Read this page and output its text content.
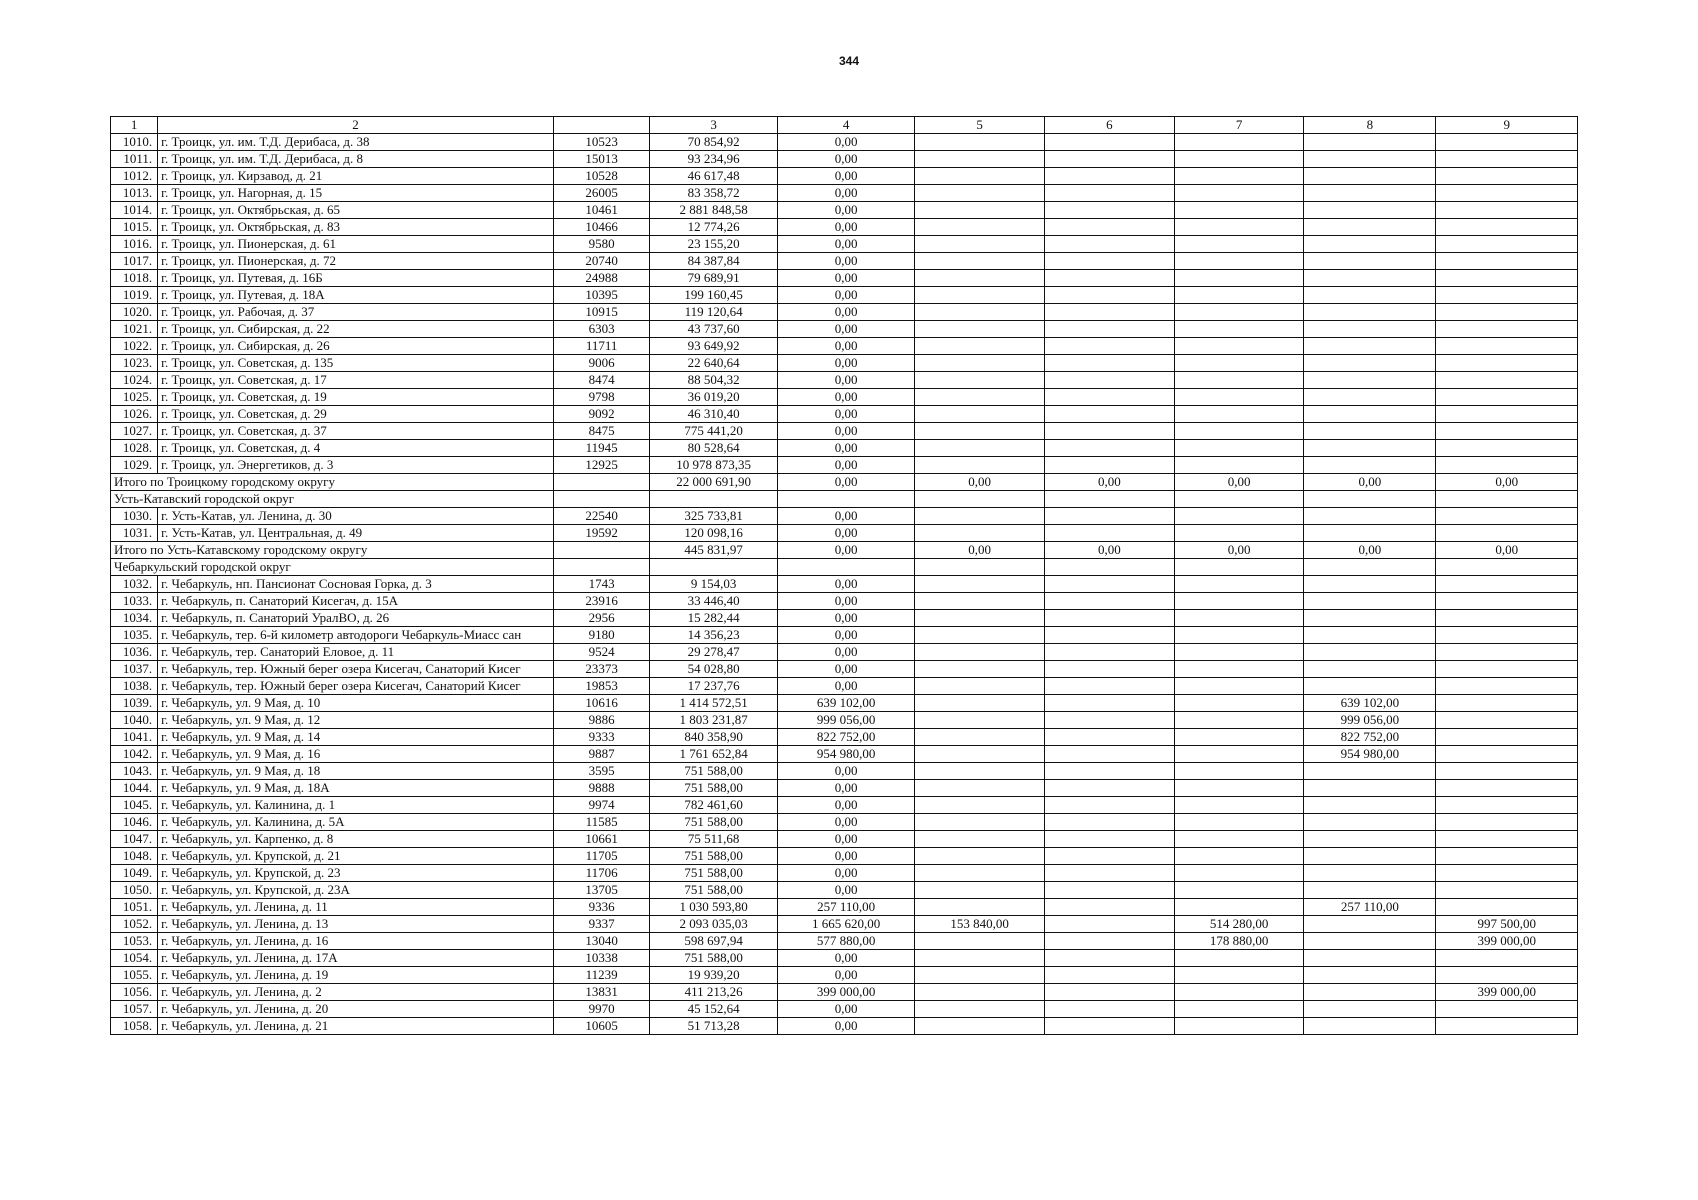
344
1	2		3	4	5	6	7	8	9
1010.	г. Троицк, ул. им. Т.Д. Дерибаса, д. 38	10523	70 854,92	0,00					
1011.	г. Троицк, ул. им. Т.Д. Дерибаса, д. 8	15013	93 234,96	0,00					
1012.	г. Троицк, ул. Кирзавод, д. 21	10528	46 617,48	0,00					
1013.	г. Троицк, ул. Нагорная, д. 15	26005	83 358,72	0,00					
1014.	г. Троицк, ул. Октябрьская, д. 65	10461	2 881 848,58	0,00					
1015.	г. Троицк, ул. Октябрьская, д. 83	10466	12 774,26	0,00					
1016.	г. Троицк, ул. Пионерская, д. 61	9580	23 155,20	0,00					
1017.	г. Троицк, ул. Пионерская, д. 72	20740	84 387,84	0,00					
1018.	г. Троицк, ул. Путевая, д. 16Б	24988	79 689,91	0,00					
1019.	г. Троицк, ул. Путевая, д. 18А	10395	199 160,45	0,00					
1020.	г. Троицк, ул. Рабочая, д. 37	10915	119 120,64	0,00					
1021.	г. Троицк, ул. Сибирская, д. 22	6303	43 737,60	0,00					
1022.	г. Троицк, ул. Сибирская, д. 26	11711	93 649,92	0,00					
1023.	г. Троицк, ул. Советская, д. 135	9006	22 640,64	0,00					
1024.	г. Троицк, ул. Советская, д. 17	8474	88 504,32	0,00					
1025.	г. Троицк, ул. Советская, д. 19	9798	36 019,20	0,00					
1026.	г. Троицк, ул. Советская, д. 29	9092	46 310,40	0,00					
1027.	г. Троицк, ул. Советская, д. 37	8475	775 441,20	0,00					
1028.	г. Троицк, ул. Советская, д. 4	11945	80 528,64	0,00					
1029.	г. Троицк, ул. Энергетиков, д. 3	12925	10 978 873,35	0,00					
Итого по Троицкому городскому округу			22 000 691,90	0,00	0,00	0,00	0,00	0,00	0,00
Усть-Катавский городской округ									
1030.	г. Усть-Катав, ул. Ленина, д. 30	22540	325 733,81	0,00					
1031.	г. Усть-Катав, ул. Центральная, д. 49	19592	120 098,16	0,00					
Итого по Усть-Катавскому городскому округу			445 831,97	0,00	0,00	0,00	0,00	0,00	0,00
Чебаркульский городской округ									
1032.	г. Чебаркуль, нп. Пансионат Сосновая Горка, д. 3	1743	9 154,03	0,00					
1033.	г. Чебаркуль, п. Санаторий Кисегач, д. 15А	23916	33 446,40	0,00					
1034.	г. Чебаркуль, п. Санаторий УралВО, д. 26	2956	15 282,44	0,00					
1035.	г. Чебаркуль, тер. 6-й километр автодороги Чебаркуль-Миасс сан	9180	14 356,23	0,00					
1036.	г. Чебаркуль, тер. Санаторий Еловое, д. 11	9524	29 278,47	0,00					
1037.	г. Чебаркуль, тер. Южный берег озера Кисегач, Санаторий Кисег	23373	54 028,80	0,00					
1038.	г. Чебаркуль, тер. Южный берег озера Кисегач, Санаторий Кисег	19853	17 237,76	0,00					
1039.	г. Чебаркуль, ул. 9 Мая, д. 10	10616	1 414 572,51	639 102,00				639 102,00	
1040.	г. Чебаркуль, ул. 9 Мая, д. 12	9886	1 803 231,87	999 056,00				999 056,00	
1041.	г. Чебаркуль, ул. 9 Мая, д. 14	9333	840 358,90	822 752,00				822 752,00	
1042.	г. Чебаркуль, ул. 9 Мая, д. 16	9887	1 761 652,84	954 980,00				954 980,00	
1043.	г. Чебаркуль, ул. 9 Мая, д. 18	3595	751 588,00	0,00					
1044.	г. Чебаркуль, ул. 9 Мая, д. 18А	9888	751 588,00	0,00					
1045.	г. Чебаркуль, ул. Калинина, д. 1	9974	782 461,60	0,00					
1046.	г. Чебаркуль, ул. Калинина, д. 5А	11585	751 588,00	0,00					
1047.	г. Чебаркуль, ул. Карпенко, д. 8	10661	75 511,68	0,00					
1048.	г. Чебаркуль, ул. Крупской, д. 21	11705	751 588,00	0,00					
1049.	г. Чебаркуль, ул. Крупской, д. 23	11706	751 588,00	0,00					
1050.	г. Чебаркуль, ул. Крупской, д. 23А	13705	751 588,00	0,00					
1051.	г. Чебаркуль, ул. Ленина, д. 11	9336	1 030 593,80	257 110,00				257 110,00	
1052.	г. Чебаркуль, ул. Ленина, д. 13	9337	2 093 035,03	1 665 620,00	153 840,00		514 280,00		997 500,00
1053.	г. Чебаркуль, ул. Ленина, д. 16	13040	598 697,94	577 880,00			178 880,00		399 000,00
1054.	г. Чебаркуль, ул. Ленина, д. 17А	10338	751 588,00	0,00					
1055.	г. Чебаркуль, ул. Ленина, д. 19	11239	19 939,20	0,00					
1056.	г. Чебаркуль, ул. Ленина, д. 2	13831	411 213,26	399 000,00					399 000,00
1057.	г. Чебаркуль, ул. Ленина, д. 20	9970	45 152,64	0,00					
1058.	г. Чебаркуль, ул. Ленина, д. 21	10605	51 713,28	0,00					
